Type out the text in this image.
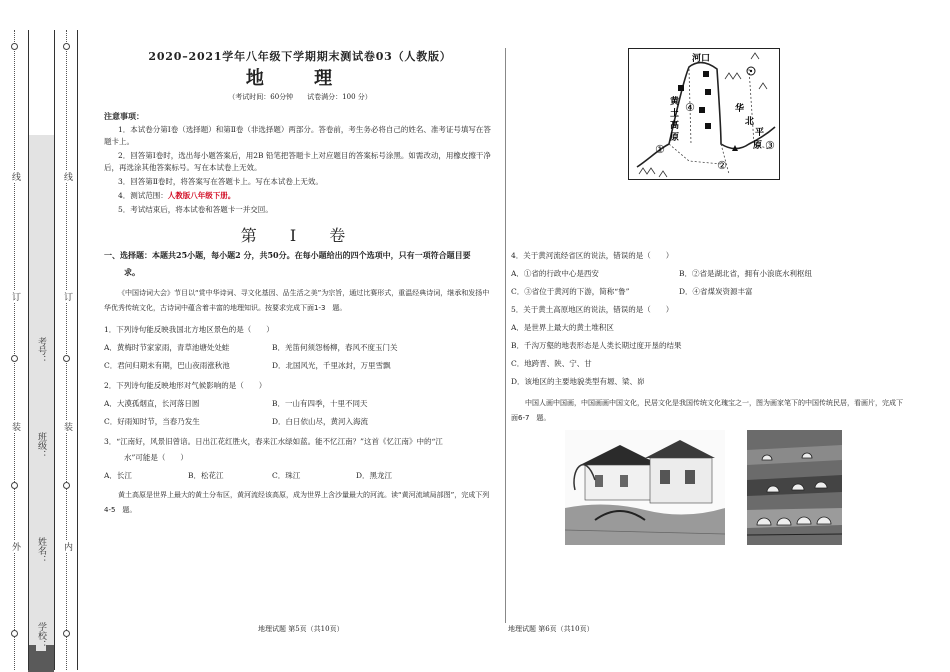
线
订
装
外
线
订
装
内
学校：
姓名：
班级：
考号：
2020–2021学年八年级下学期期末测试卷03（人教版）
地 理
（考试时间：60分钟　　试卷满分：100 分）
注意事项：
1．本试卷分第Ⅰ卷（选择题）和第Ⅱ卷（非选择题）两部分。答卷前，考生务必将自己的姓名、准考证号填写在答题卡上。
2．回答第Ⅰ卷时，选出每小题答案后，用2B 铅笔把答题卡上对应题目的答案标号涂黑。如需改动，用橡皮擦干净后，再选涂其他答案标号。写在本试卷上无效。
3．回答第Ⅱ卷时，将答案写在答题卡上。写在本试卷上无效。
4．测试范围：人教版八年级下册。
5．考试结束后，将本试卷和答题卡一并交回。
第 Ⅰ 卷
一、选择题：本题共25小题，每小题2 分，共50分。在每小题给出的四个选项中，只有一项符合题目要
求。
《中国诗词大会》节目以“赏中华诗词、寻文化基因、品生活之美”为宗旨，通过比赛形式，重温经典诗词，继承和发扬中华优秀传统文化，古诗词中蕴含着丰富的地理知识。按要求完成下面1-3　题。
1．下列诗句能反映我国北方地区景色的是（　　）
A．黄梅时节家家雨，青草池塘处处蛙	B．羌笛何须怨杨柳，春风不度玉门关
C．君问归期未有期，巴山夜雨涨秋池	D．北国风光，千里冰封，万里雪飘
2．下列诗句能反映地形对气候影响的是（　　）
A．大漠孤烟直，长河落日圆	B．一山有四季，十里不同天
C．好雨知时节，当春乃发生	D．白日依山尽，黄河入海流
3．“江南好，风景旧曾谙。日出江花红胜火，春来江水绿如蓝。能不忆江南？”这首《忆江南》中的“江
水”可能是（　　）
A．长江	B．松花江	C．珠江	D．黑龙江
黄土高原是世界上最大的黄土分布区，黄河流经该高原，成为世界上含沙量最大的河流。读“黄河流域局部图”，完成下列4-5　题。
河口
黄
土
高
原
华
北
平
原
①
②
③
④
4．关于黄河流经省区的说法，错误的是（　　）
A．①省的行政中心是西安	B．②省是湖北省，拥有小浪底水利枢纽
C．③省位于黄河的下游，简称“鲁”	D．④省煤炭资源丰富
5．关于黄土高原地区的说法，错误的是（　　）
A．是世界上最大的黄土堆积区
B．千沟万壑的地表形态是人类长期过度开垦的结果
C．地跨晋、陕、宁、甘
D．该地区的主要地貌类型有塬、梁、峁
中国人画中国画，中国画画中国文化，民居文化是我国传统文化瑰宝之一，图为画家笔下的中国传统民居，看画片，完成下面6-7　题。
地理试题 第5页（共10页）	地理试题 第6页（共10页）
